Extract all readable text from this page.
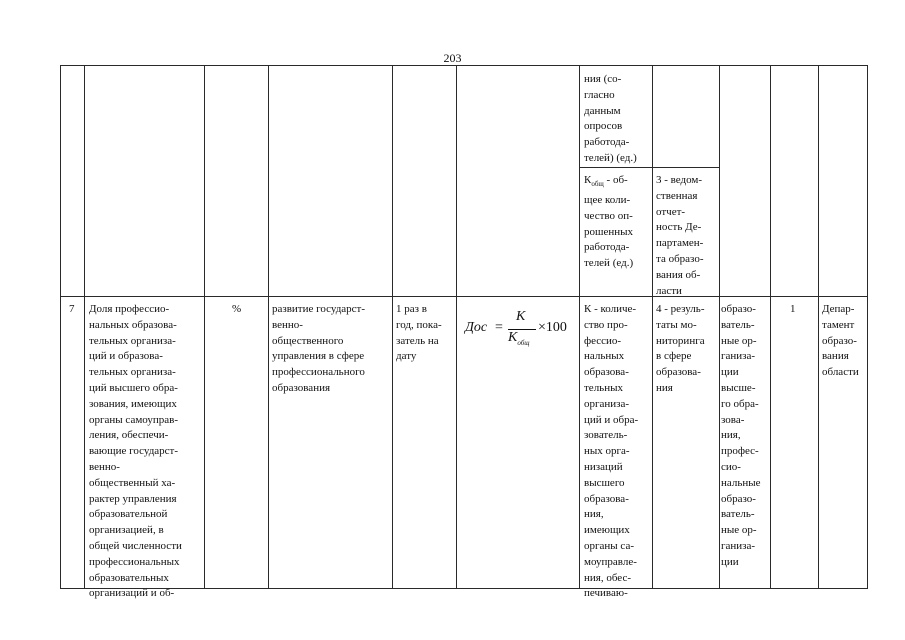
203

ния (со-
гласно
данным
опросов
работода-
телей) (ед.)

$К_{общ} - об-$
щее коли-
чество оп-
рошенных
работода-
телей (ед.)

3 - ведом-
ственная
отчет-
ность Де-
партамен-
та образо-
вания об-
ласти

7 Доля профессио-
нальных образова-
тельных организа-
ций и образова-
тельных организа-
ций высшего обра-
зования, имеющих
органы самоуправ-
ления, обеспечи-
вающие государст-
венно-
общественный ха-
рактер управления
образовательной
организацией, в
общей численности
профессиональных
образовательных
организаций и об-

%	развитие государст-
венно-
общественного
управления в сфере
профессионального
образования

1 раз в
год, пока-
затель на
дату

Дос =
K
$K_{общ}$
×100

К - количе-
ство про-
фессио-
нальных
образова-
тельных
организа-
ций и обра-
зователь-
ных орга-
низаций
высшего
образова-
ния,
имеющих
органы са-
моуправле-
ния, обес-
печиваю-

4 - резуль-
таты мо-
ниторинга
в сфере
образова-
ния

образо-
ватель-
ные ор-
ганиза-
ции
высше-
го обра-
зова-
ния,
профес-
сио-
нальные
образо-
ватель-
ные ор-
ганиза-
ции

1 Депар-
тамент
образо-
вания
области
